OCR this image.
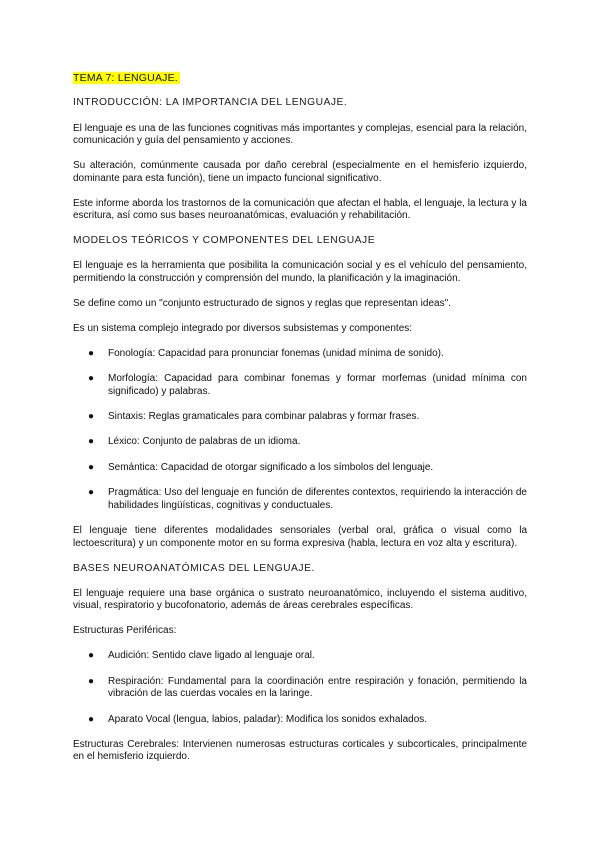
TEMA 7: LENGUAJE.
INTRODUCCIÓN: LA IMPORTANCIA DEL LENGUAJE.

El lenguaje es una de las funciones cognitivas más importantes y complejas, esencial para la relación, comunicación y guía del pensamiento y acciones.

Su alteración, comúnmente causada por daño cerebral (especialmente en el hemisferio izquierdo, dominante para esta función), tiene un impacto funcional significativo.

Este informe aborda los trastornos de la comunicación que afectan el habla, el lenguaje, la lectura y la escritura, así como sus bases neuroanatómicas, evaluación y rehabilitación.

MODELOS TEÓRICOS Y COMPONENTES DEL LENGUAJE

El lenguaje es la herramienta que posibilita la comunicación social y es el vehículo del pensamiento, permitiendo la construcción y comprensión del mundo, la planificación y la imaginación.

Se define como un "conjunto estructurado de signos y reglas que representan ideas".

Es un sistema complejo integrado por diversos subsistemas y componentes:

● Fonología: Capacidad para pronunciar fonemas (unidad mínima de sonido).
● Morfología: Capacidad para combinar fonemas y formar morfemas (unidad mínima con significado) y palabras.
● Sintaxis: Reglas gramaticales para combinar palabras y formar frases.
● Léxico: Conjunto de palabras de un idioma.
● Semántica: Capacidad de otorgar significado a los símbolos del lenguaje.
● Pragmática: Uso del lenguaje en función de diferentes contextos, requiriendo la interacción de habilidades lingüísticas, cognitivas y conductuales.

El lenguaje tiene diferentes modalidades sensoriales (verbal oral, gráfica o visual como la lectoescritura) y un componente motor en su forma expresiva (habla, lectura en voz alta y escritura).

BASES NEUROANATÓMICAS DEL LENGUAJE.

El lenguaje requiere una base orgánica o sustrato neuroanatómico, incluyendo el sistema auditivo, visual, respiratorio y bucofonatorio, además de áreas cerebrales específicas.

Estructuras Periféricas:

● Audición: Sentido clave ligado al lenguaje oral.
● Respiración: Fundamental para la coordinación entre respiración y fonación, permitiendo la vibración de las cuerdas vocales en la laringe.
● Aparato Vocal (lengua, labios, paladar): Modifica los sonidos exhalados.

Estructuras Cerebrales: Intervienen numerosas estructuras corticales y subcorticales, principalmente en el hemisferio izquierdo.
